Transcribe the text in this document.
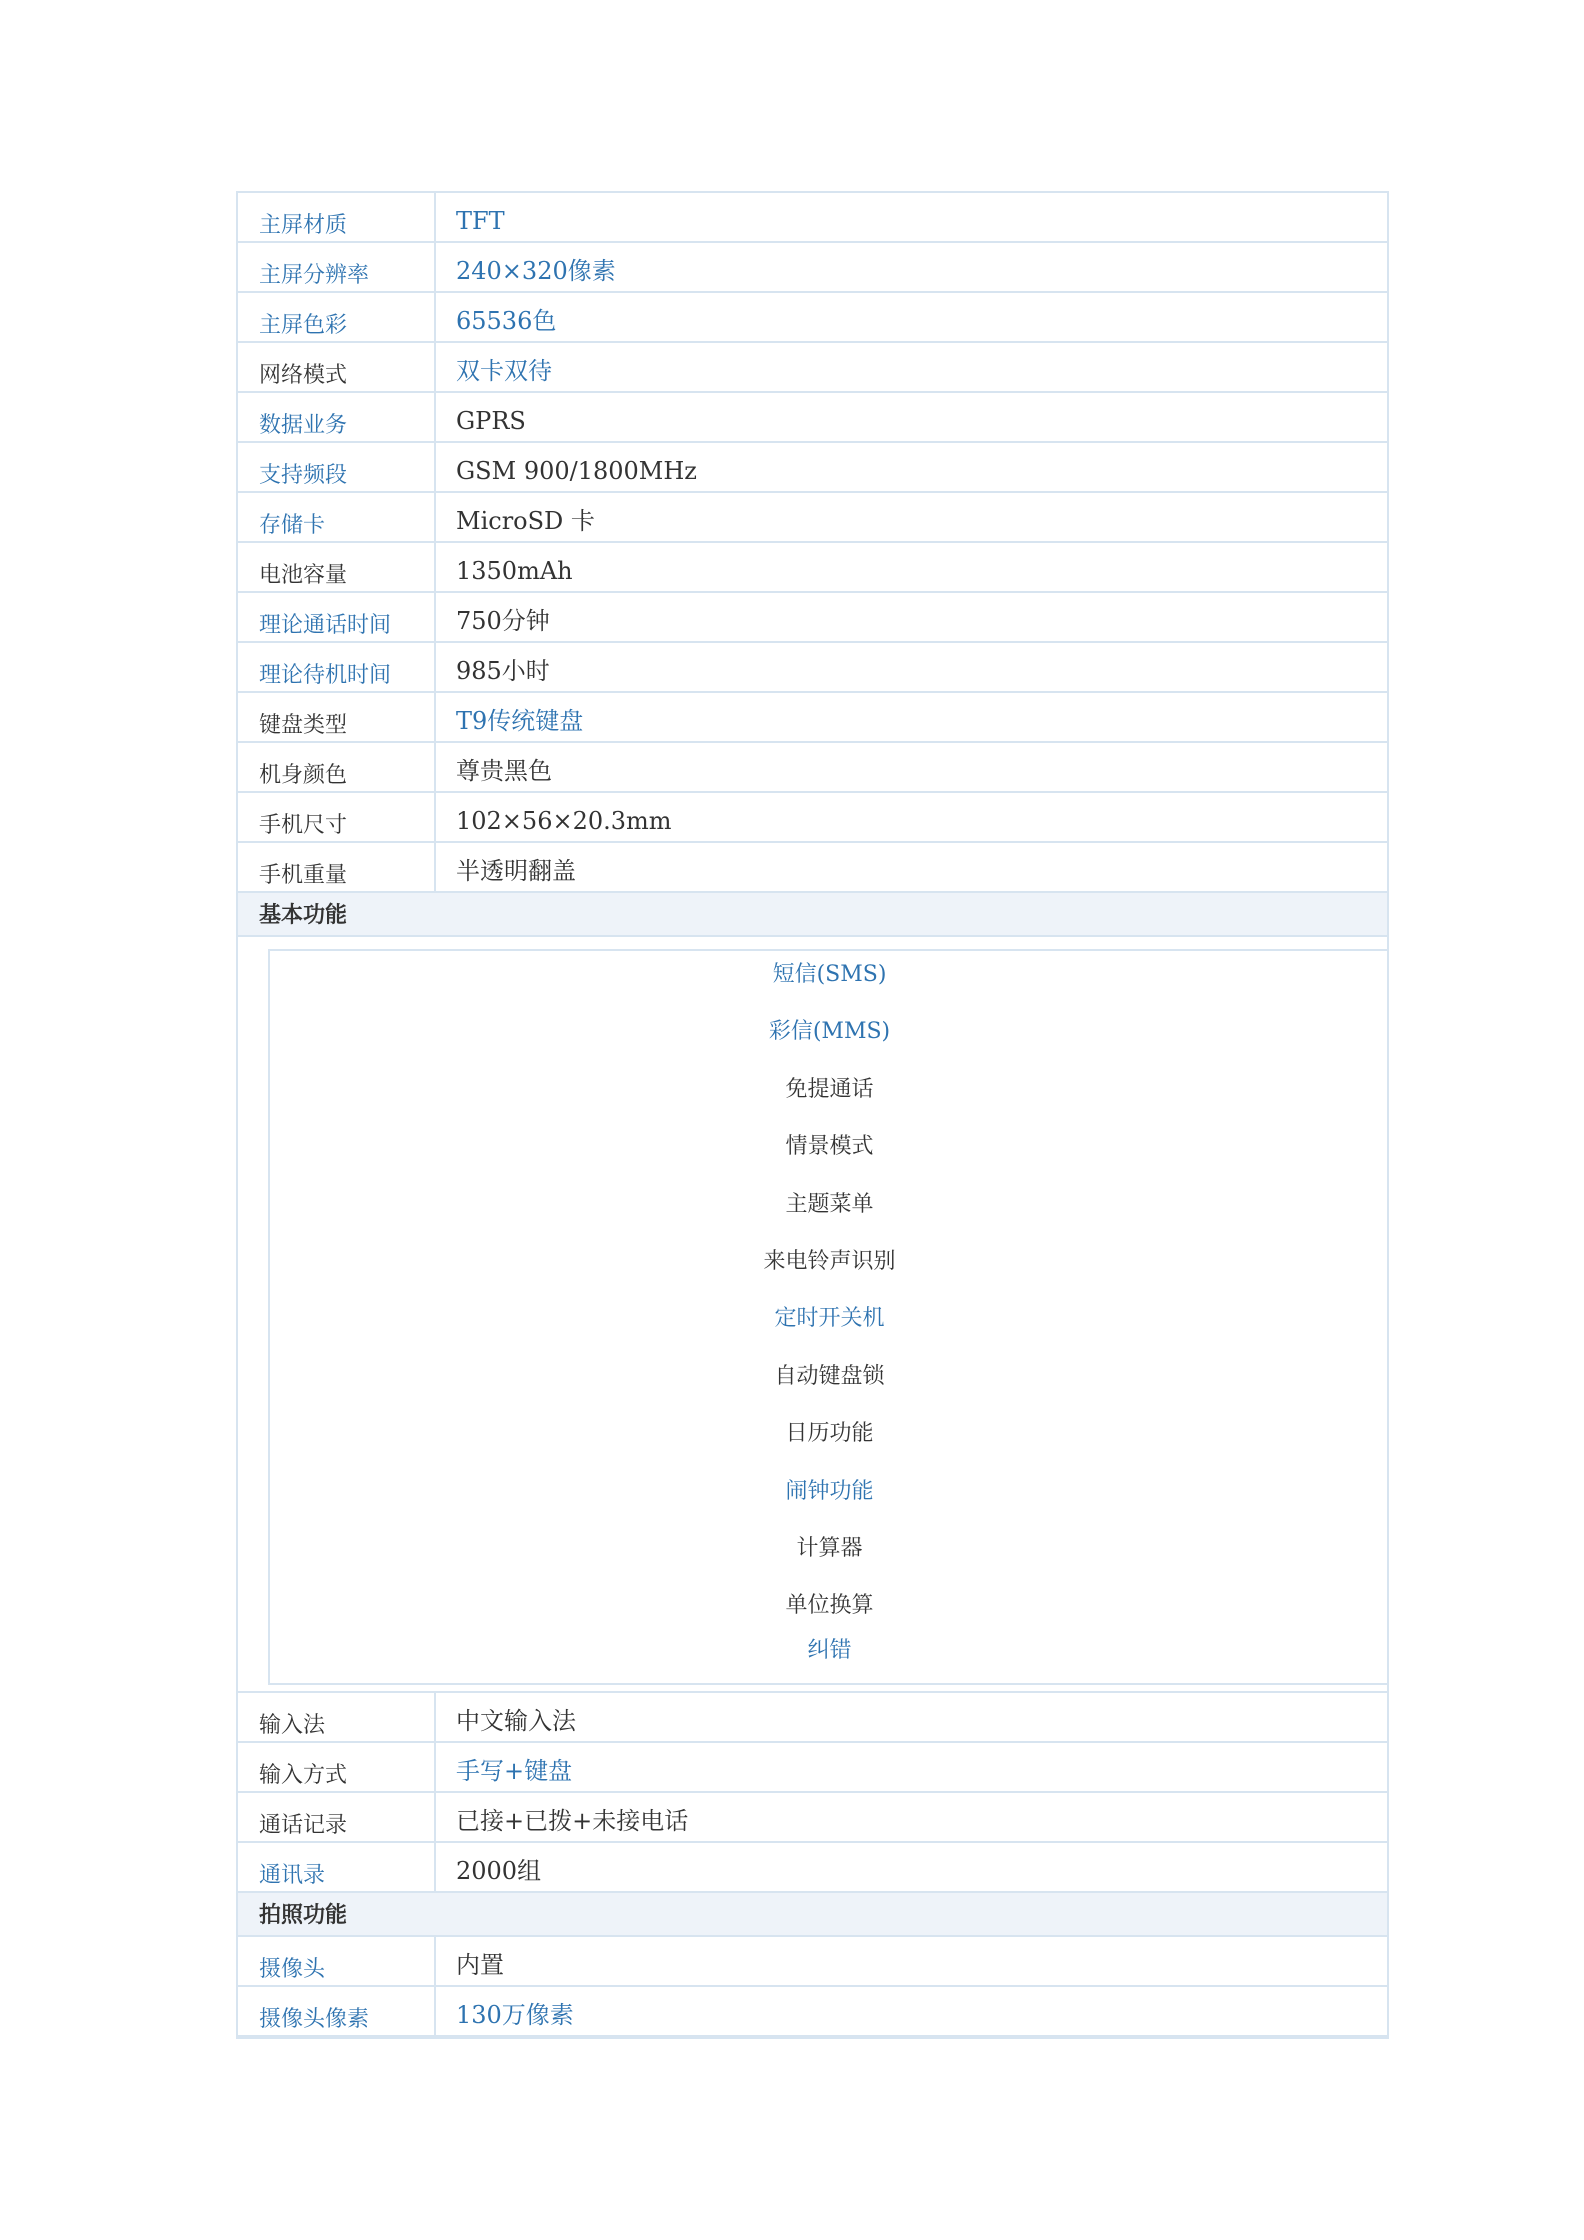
主屏材质	TFT
主屏分辨率	240×320像素
主屏色彩	65536色
网络模式	双卡双待
数据业务	GPRS
支持频段	GSM 900/1800MHz
存储卡	MicroSD 卡
电池容量	1350mAh
理论通话时间	750分钟
理论待机时间	985小时
键盘类型	T9传统键盘
机身颜色	尊贵黑色
手机尺寸	102×56×20.3mm
手机重量	半透明翻盖
基本功能
短信(SMS)
彩信(MMS)
免提通话
情景模式
主题菜单
来电铃声识别
定时开关机
自动键盘锁
日历功能
闹钟功能
计算器
单位换算
纠错
输入法	中文输入法
输入方式	手写+键盘
通话记录	已接+已拨+未接电话
通讯录	2000组
拍照功能
摄像头	内置
摄像头像素	130万像素
